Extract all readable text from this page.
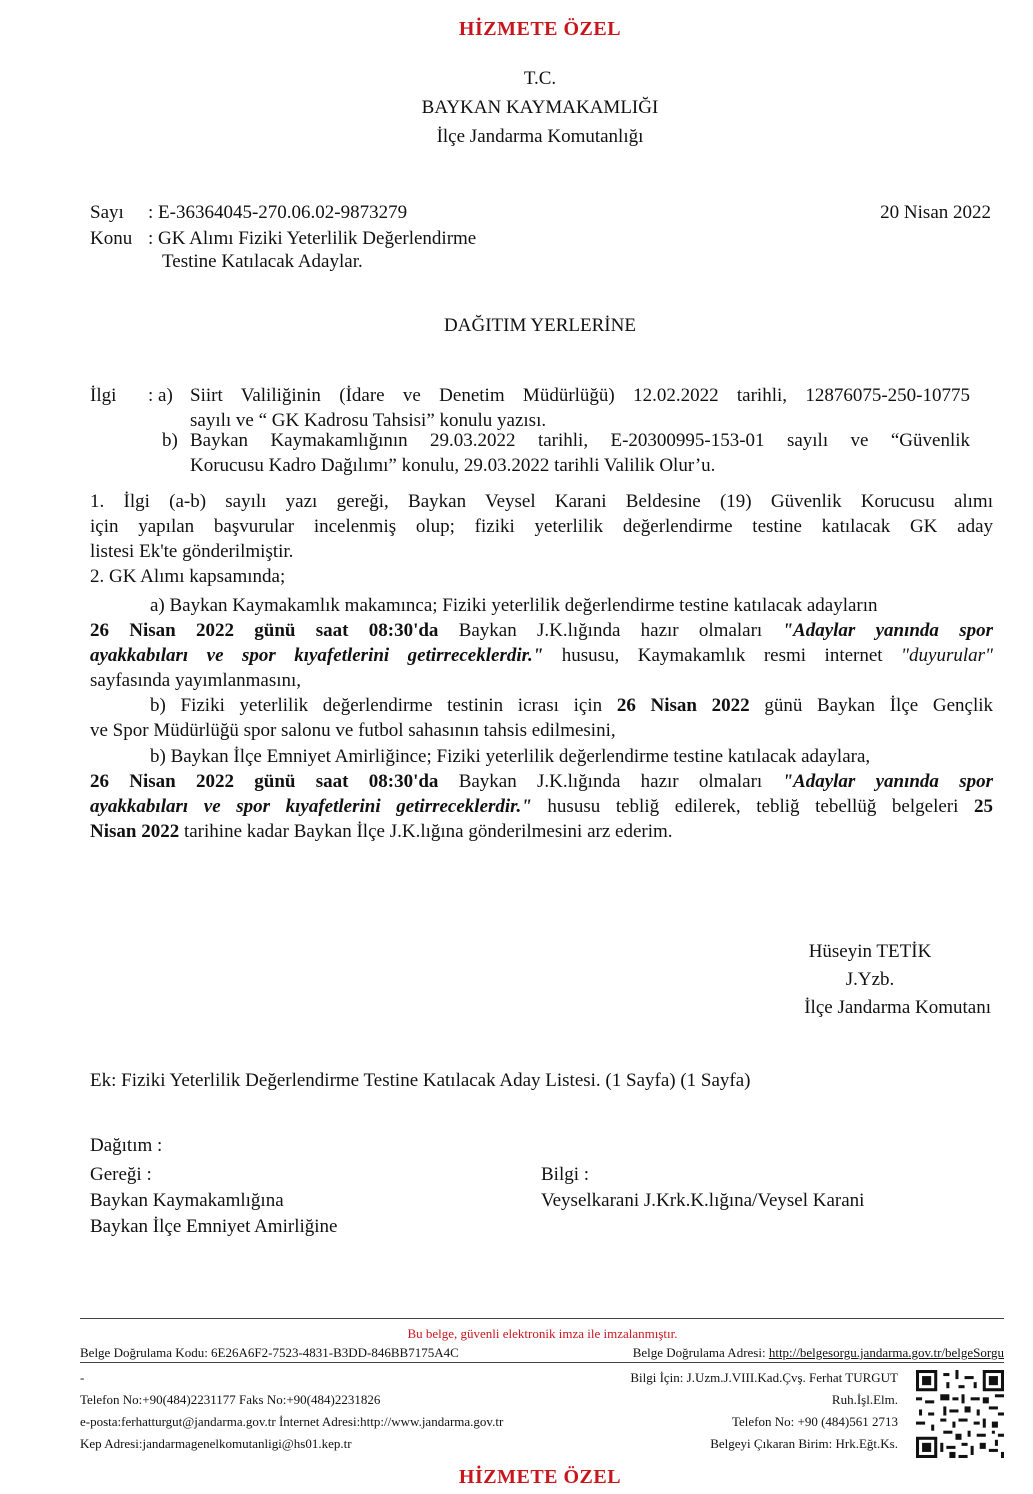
HİZMETE ÖZEL
T.C.
BAYKAN KAYMAKAMLIĞI
İlçe Jandarma Komutanlığı
Sayı : E-36364045-270.06.02-9873279	20 Nisan 2022
Konu : GK Alımı Fiziki Yeterlilik Değerlendirme
Testine Katılacak Adaylar.
DAĞITIM YERLERİNE
İlgi : a) Siirt Valiliğinin (İdare ve Denetim Müdürlüğü) 12.02.2022 tarihli, 12876075-250-10775
sayılı ve “ GK Kadrosu Tahsisi” konulu yazısı.
b) Baykan Kaymakamlığının 29.03.2022 tarihli, E-20300995-153-01 sayılı ve “Güvenlik
Korucusu Kadro Dağılımı” konulu, 29.03.2022 tarihli Valilik Olur’u.
1. İlgi (a-b) sayılı yazı gereği, Baykan Veysel Karani Beldesine (19) Güvenlik Korucusu alımı
için yapılan başvurular incelenmiş olup; fiziki yeterlilik değerlendirme testine katılacak GK aday
listesi Ek'te gönderilmiştir.
2. GK Alımı kapsamında;
a) Baykan Kaymakamlık makamınca; Fiziki yeterlilik değerlendirme testine katılacak adayların
26 Nisan 2022 günü saat 08:30'da Baykan J.K.lığında hazır olmaları "Adaylar yanında spor
ayakkabıları ve spor kıyafetlerini getirreceklerdir." hususu, Kaymakamlık resmi internet "duyurular"
sayfasında yayımlanmasını,
b) Fiziki yeterlilik değerlendirme testinin icrası için 26 Nisan 2022 günü Baykan İlçe Gençlik
ve Spor Müdürlüğü spor salonu ve futbol sahasının tahsis edilmesini,
b) Baykan İlçe Emniyet Amirliğince; Fiziki yeterlilik değerlendirme testine katılacak adaylara,
26 Nisan 2022 günü saat 08:30'da Baykan J.K.lığında hazır olmaları "Adaylar yanında spor
ayakkabıları ve spor kıyafetlerini getirreceklerdir." hususu tebliğ edilerek, tebliğ tebellüğ belgeleri 25
Nisan 2022 tarihine kadar Baykan İlçe J.K.lığına gönderilmesini arz ederim.
Hüseyin TETİK
J.Yzb.
İlçe Jandarma Komutanı
Ek: Fiziki Yeterlilik Değerlendirme Testine Katılacak Aday Listesi. (1 Sayfa) (1 Sayfa)
Dağıtım :
Gereği :
Baykan Kaymakamlığına
Baykan İlçe Emniyet Amirliğine
Bilgi :
Veyselkarani J.Krk.K.lığına/Veysel Karani
Bu belge, güvenli elektronik imza ile imzalanmıştır.
Belge Doğrulama Kodu: 6E26A6F2-7523-4831-B3DD-846BB7175A4C	Belge Doğrulama Adresi: http://belgesorgu.jandarma.gov.tr/belgeSorgu
-
Telefon No:+90(484)2231177 Faks No:+90(484)2231826
e-posta:ferhatturgut@jandarma.gov.tr İnternet Adresi:http://www.jandarma.gov.tr
Kep Adresi:jandarmagenelkomutanligi@hs01.kep.tr
Bilgi İçin: J.Uzm.J.VIII.Kad.Çvş. Ferhat TURGUT
Ruh.İşl.Elm.
Telefon No: +90 (484)561 2713
Belgeyi Çıkaran Birim: Hrk.Eğt.Ks.
HİZMETE ÖZEL
